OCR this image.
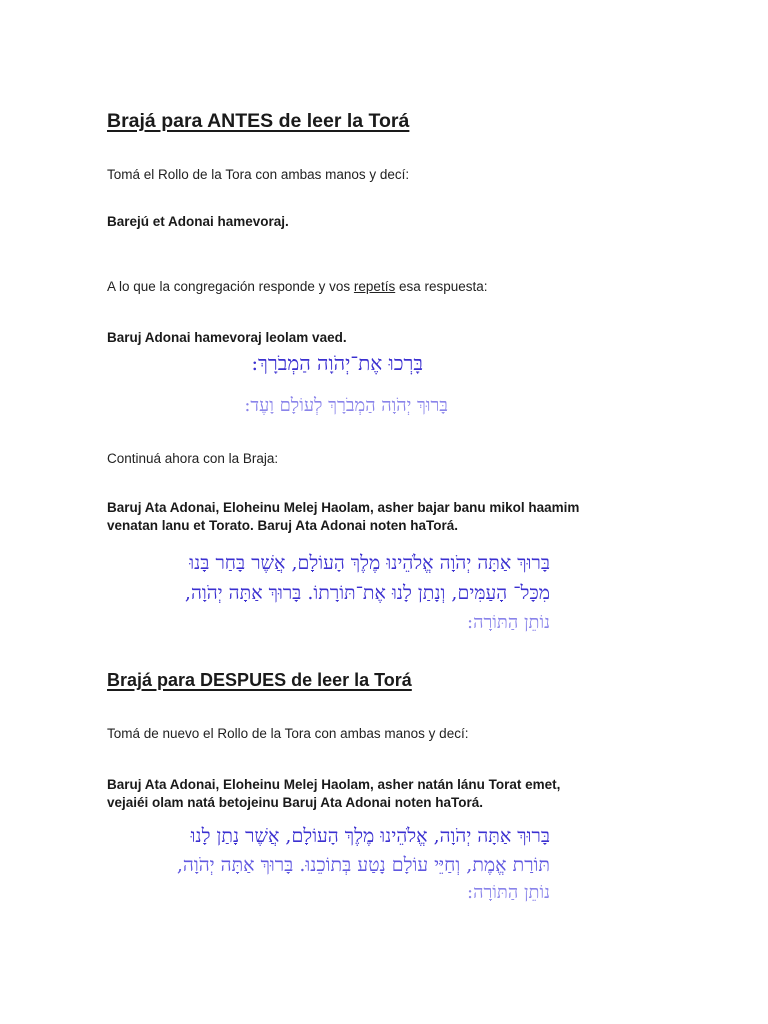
Brajá para ANTES de leer la Torá
Tomá el Rollo de la Tora con ambas manos y decí:
Barejú et Adonai hamevoraj.
A lo que la congregación responde y vos repetís esa respuesta:
Baruj Adonai hamevoraj leolam vaed.
בָּרְכוּ אֶת־יְהֹוָה הַמְבֹרָךְ:
בָּרוּךְ יְהֹוָה הַמְבֹרָךְ לְעוֹלָם וָעֶד:
Continuá ahora con la Braja:
Baruj Ata Adonai, Eloheinu Melej Haolam, asher bajar banu mikol haamim
venatan lanu et Torato. Baruj Ata Adonai noten haTorá.
בָּרוּךְ אַתָּה יְהֹוָה אֱלֹהֵינוּ מֶלֶךְ הָעוֹלָם, אֲשֶׁר בָּחַר בָּנוּ
מִכָּל־ הָעַמִּים, וְנָתַן לָנוּ אֶת־תּוֹרָתוֹ. בָּרוּךְ אַתָּה יְהֹוָה,
נוֹתֵן הַתּוֹרָה:
Brajá para DESPUES de leer la Torá
Tomá de nuevo el Rollo de la Tora con ambas manos y decí:
Baruj Ata Adonai, Eloheinu Melej Haolam, asher natán lánu Torat emet,
vejaiéi olam natá betojeinu Baruj Ata Adonai noten haTorá.
בָּרוּךְ אַתָּה יְהֹוָה, אֱלֹהֵינוּ מֶלֶךְ הָעוֹלָם, אֲשֶׁר נָתַן לָנוּ
תּוֹרַת אֱמֶת, וְחַיֵּי עוֹלָם נָטַע בְּתוֹכֵנוּ. בָּרוּךְ אַתָּה יְהֹוָה,
נוֹתֵן הַתּוֹרָה:
